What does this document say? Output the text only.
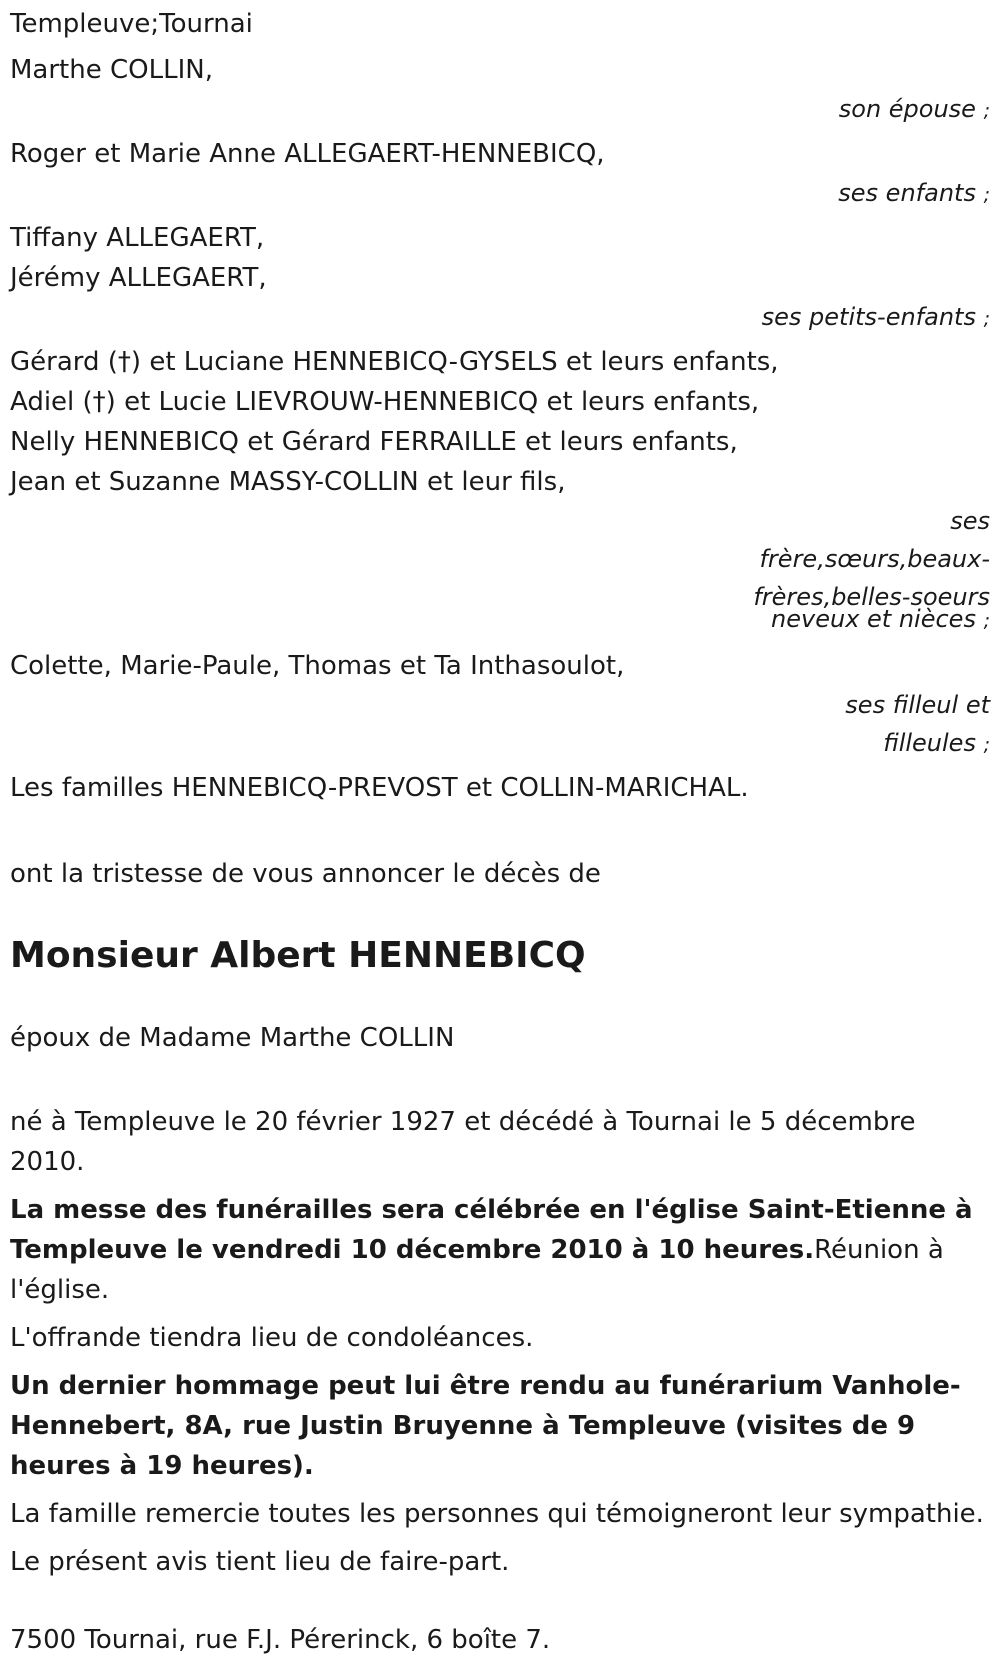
Templeuve;Tournai
Marthe COLLIN,
son épouse ;
Roger et Marie Anne ALLEGAERT-HENNEBICQ,
ses enfants ;
Tiffany ALLEGAERT,
Jérémy ALLEGAERT,
ses petits-enfants ;
Gérard (†) et Luciane HENNEBICQ-GYSELS et leurs enfants,
Adiel (†) et Lucie LIEVROUW-HENNEBICQ et leurs enfants,
Nelly HENNEBICQ et Gérard FERRAILLE et leurs enfants,
Jean et Suzanne MASSY-COLLIN et leur fils,
ses
frère,sœurs,beaux-
frères,belles-soeurs
neveux et nièces ;
Colette, Marie-Paule, Thomas et Ta Inthasoulot,
ses filleul et
filleules ;
Les familles HENNEBICQ-PREVOST et COLLIN-MARICHAL.
ont la tristesse de vous annoncer le décès de
Monsieur Albert HENNEBICQ
époux de Madame Marthe COLLIN
né à Templeuve le 20 février 1927 et décédé à Tournai le 5 décembre 2010.
La messe des funérailles sera célébrée en l'église Saint-Etienne à Templeuve le vendredi 10 décembre 2010 à 10 heures.Réunion à l'église.
L'offrande tiendra lieu de condoléances.
Un dernier hommage peut lui être rendu au funérarium Vanhole-Hennebert, 8A, rue Justin Bruyenne à Templeuve (visites de 9 heures à 19 heures).
La famille remercie toutes les personnes qui témoigneront leur sympathie.
Le présent avis tient lieu de faire-part.
7500 Tournai, rue F.J. Pérerinck, 6 boîte 7.
